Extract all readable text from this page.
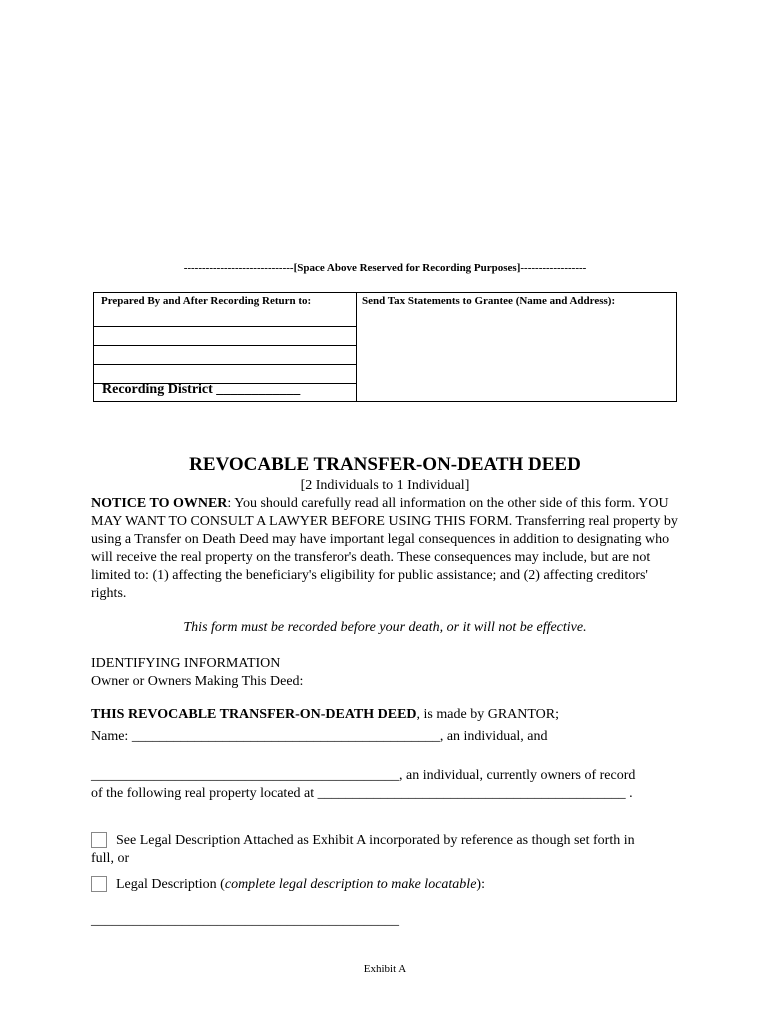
------------------------------[Space Above Reserved for Recording Purposes]------------------
Prepared By and After Recording Return to:
Recording District ____________
Send Tax Statements to Grantee (Name and Address):
REVOCABLE TRANSFER-ON-DEATH DEED
[2 Individuals to 1 Individual]
NOTICE TO OWNER: You should carefully read all information on the other side of this form. YOU MAY WANT TO CONSULT A LAWYER BEFORE USING THIS FORM. Transferring real property by using a Transfer on Death Deed may have important legal consequences in addition to designating who will receive the real property on the transferor's death. These consequences may include, but are not limited to: (1) affecting the beneficiary's eligibility for public assistance; and (2) affecting creditors' rights.
This form must be recorded before your death, or it will not be effective.
IDENTIFYING INFORMATION
Owner or Owners Making This Deed:
THIS REVOCABLE TRANSFER-ON-DEATH DEED, is made by GRANTOR;
Name: ____________________________________________, an individual, and
____________________________________________, an individual, currently owners of record
of the following real property located at ____________________________________________ .
See Legal Description Attached as Exhibit A incorporated by reference as though set forth in
full, or
Legal Description (complete legal description to make locatable):
____________________________________________
Exhibit A
